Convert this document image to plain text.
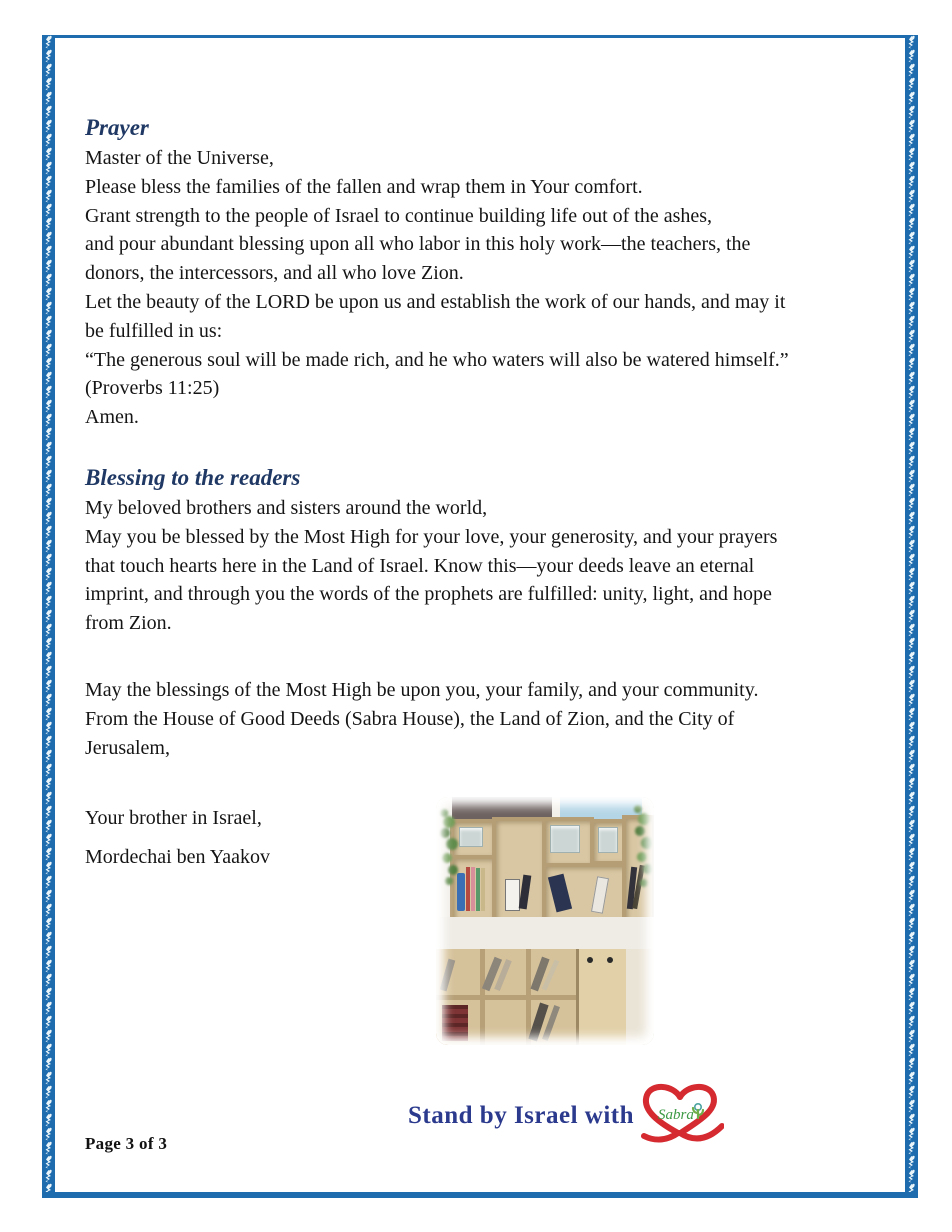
Prayer
Master of the Universe,
Please bless the families of the fallen and wrap them in Your comfort.
Grant strength to the people of Israel to continue building life out of the ashes,
and pour abundant blessing upon all who labor in this holy work—the teachers, the
donors, the intercessors, and all who love Zion.
Let the beauty of the LORD be upon us and establish the work of our hands, and may it
be fulfilled in us:
“The generous soul will be made rich, and he who waters will also be watered himself.”
(Proverbs 11:25)
Amen.
Blessing to the readers
My beloved brothers and sisters around the world,
May you be blessed by the Most High for your love, your generosity, and your prayers
that touch hearts here in the Land of Israel. Know this—your deeds leave an eternal
imprint, and through you the words of the prophets are fulfilled: unity, light, and hope
from Zion.
May the blessings of the Most High be upon you, your family, and your community.
From the House of Good Deeds (Sabra House), the Land of Zion, and the City of
Jerusalem,
Your brother in Israel,
Mordechai ben Yaakov
Stand by Israel with Sabra
Page 3 of 3
